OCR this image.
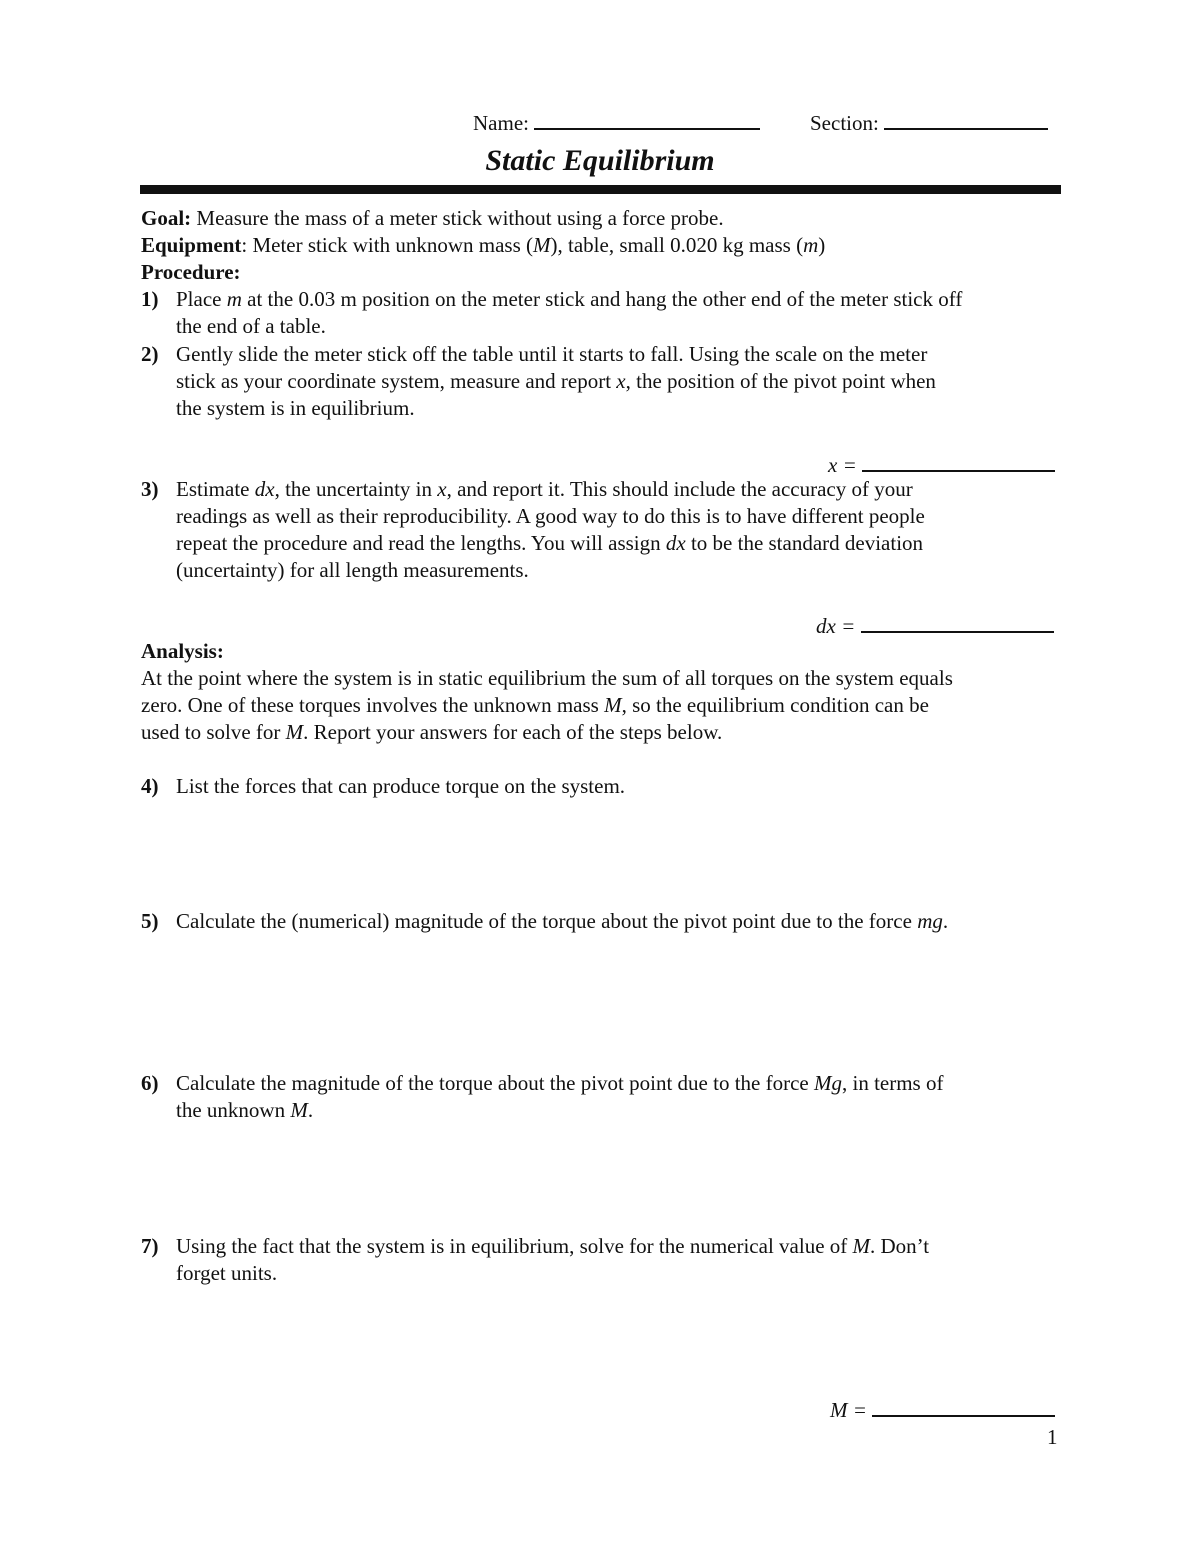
Name:	Section:
Static Equilibrium
Goal: Measure the mass of a meter stick without using a force probe.
Equipment: Meter stick with unknown mass (M), table, small 0.020 kg mass (m)
Procedure:
1) Place m at the 0.03 m position on the meter stick and hang the other end of the meter stick off
the end of a table.
2) Gently slide the meter stick off the table until it starts to fall. Using the scale on the meter
stick as your coordinate system, measure and report x, the position of the pivot point when
the system is in equilibrium.
x =
3) Estimate dx, the uncertainty in x, and report it. This should include the accuracy of your
readings as well as their reproducibility. A good way to do this is to have different people
repeat the procedure and read the lengths. You will assign dx to be the standard deviation
(uncertainty) for all length measurements.
dx =
Analysis:
At the point where the system is in static equilibrium the sum of all torques on the system equals
zero. One of these torques involves the unknown mass M, so the equilibrium condition can be
used to solve for M. Report your answers for each of the steps below.
4) List the forces that can produce torque on the system.
5) Calculate the (numerical) magnitude of the torque about the pivot point due to the force mg.
6) Calculate the magnitude of the torque about the pivot point due to the force Mg, in terms of
the unknown M.
7) Using the fact that the system is in equilibrium, solve for the numerical value of M. Don’t
forget units.
M =
1
